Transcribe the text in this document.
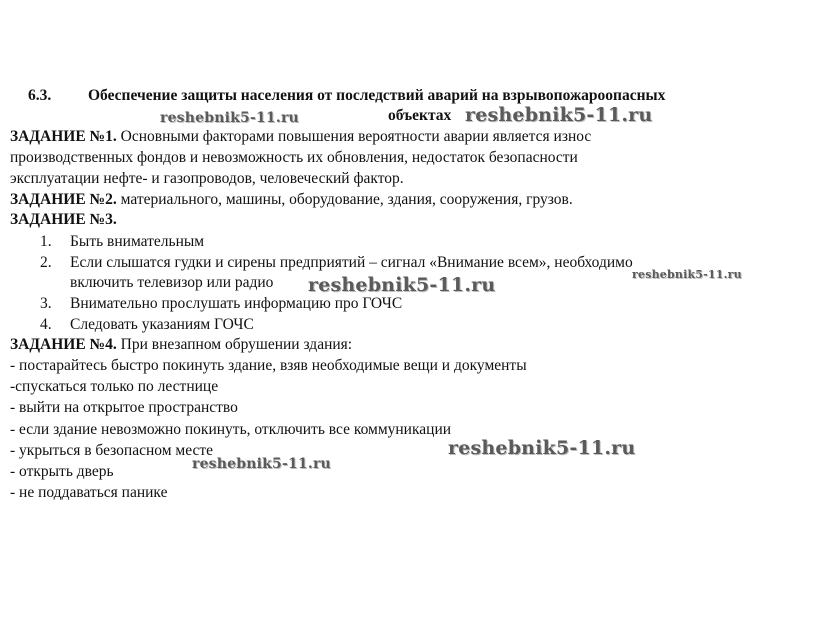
6.3. Обеспечение защиты населения от последствий аварий на взрывопожароопасных
объектах
ЗАДАНИЕ №1. Основными факторами повышения вероятности аварии является износ
производственных фондов и невозможность их обновления, недостаток безопасности
эксплуатации нефте- и газопроводов, человеческий фактор.
ЗАДАНИЕ №2. материального, машины, оборудование, здания, сооружения, грузов.
ЗАДАНИЕ №3.
1. Быть внимательным
2. Если слышатся гудки и сирены предприятий – сигнал «Внимание всем», необходимо
включить телевизор или радио
3. Внимательно прослушать информацию про ГОЧС
4. Следовать указаниям ГОЧС
ЗАДАНИЕ №4. При внезапном обрушении здания:
- постарайтесь быстро покинуть здание, взяв необходимые вещи и документы
-спускаться только по лестнице
- выйти на открытое пространство
- если здание невозможно покинуть, отключить все коммуникации
- укрыться в безопасном месте
- открыть дверь
- не поддаваться панике
reshebnik5-11.ru	reshebnik5-11.ru
reshebnik5-11.ru
reshebnik5-11.ru
reshebnik5-11.ru
reshebnik5-11.ru
